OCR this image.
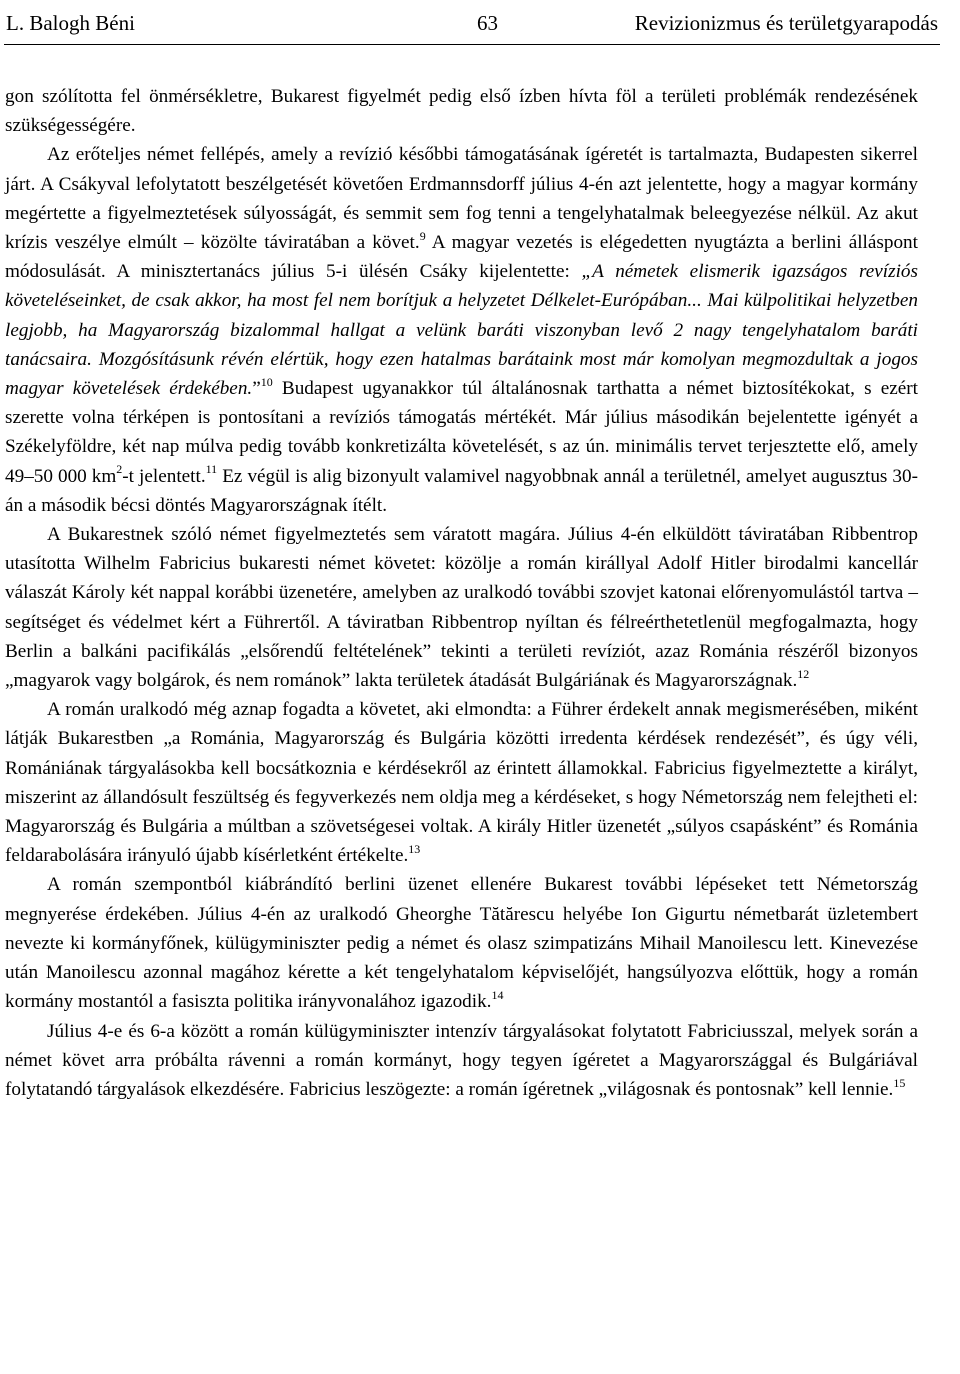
L. Balogh Béni	63	Revizionizmus és területgyarapodás

gon szólította fel önmérsékletre, Bukarest figyelmét pedig első ízben hívta föl a területi problémák rendezésének szükségességére.

Az erőteljes német fellépés, amely a revízió későbbi támogatásának ígéretét is tartalmazta, Budapesten sikerrel járt. A Csákyval lefolytatott beszélgetését követően Erdmannsdorff július 4-én azt jelentette, hogy a magyar kormány megértette a figyelmeztetések súlyosságát, és semmit sem fog tenni a tengelyhatalmak beleegyezése nélkül. Az akut krízis veszélye elmúlt – közölte táviratában a követ.$^9$ A magyar vezetés is elégedetten nyugtázta a berlini álláspont módosulását. A minisztertanács július 5-i ülésén Csáky kijelentette: „A németek elismerik igazságos revíziós követeléseinket, de csak akkor, ha most fel nem borítjuk a helyzetet Délkelet-Európában... Mai külpolitikai helyzetben legjobb, ha Magyarország bizalommal hallgat a velünk baráti viszonyban levő 2 nagy tengelyhatalom baráti tanácsaira. Mozgósításunk révén elértük, hogy ezen hatalmas barátaink most már komolyan megmozdultak a jogos magyar követelések érdekében.”$^{10}$ Budapest ugyanakkor túl általánosnak tarthatta a német biztosítékokat, s ezért szerette volna térképen is pontosítani a revíziós támogatás mértékét. Már július másodikán bejelentette igényét a Székelyföldre, két nap múlva pedig tovább konkretizálta követelését, s az ún. minimális tervet terjesztette elő, amely 49–50 000 $km^2-t$ jelentett.$^{11}$ Ez végül is alig bizonyult valamivel nagyobbnak annál a területnél, amelyet augusztus 30-án a második bécsi döntés Magyarországnak ítélt.

A Bukarestnek szóló német figyelmeztetés sem váratott magára. Július 4-én elküldött táviratában Ribbentrop utasította Wilhelm Fabricius bukaresti német követet: közölje a román királlyal Adolf Hitler birodalmi kancellár válaszát Károly két nappal korábbi üzenetére, amelyben az uralkodó további szovjet katonai előrenyomulástól tartva – segítséget és védelmet kért a Führertől. A táviratban Ribbentrop nyíltan és félreérthetetlenül megfogalmazta, hogy Berlin a balkáni pacifikálás „elsőrendű feltételének” tekinti a területi revíziót, azaz Románia részéről bizonyos „magyarok vagy bolgárok, és nem románok” lakta területek átadását Bulgáriának és Magyarországnak.$^{12}$

A román uralkodó még aznap fogadta a követet, aki elmondta: a Führer érdekelt annak megismerésében, miként látják Bukarestben „a Románia, Magyarország és Bulgária közötti irredenta kérdések rendezését”, és úgy véli, Romániának tárgyalásokba kell bocsátkoznia e kérdésekről az érintett államokkal. Fabricius figyelmeztette a királyt, miszerint az állandósult feszültség és fegyverkezés nem oldja meg a kérdéseket, s hogy Németország nem felejtheti el: Magyarország és Bulgária a múltban a szövetségesei voltak. A király Hitler üzenetét „súlyos csapásként” és Románia feldarabolására irányuló újabb kísérletként értékelte.$^{13}$

A román szempontból kiábrándító berlini üzenet ellenére Bukarest további lépéseket tett Németország megnyerése érdekében. Július 4-én az uralkodó Gheorghe Tătărescu helyébe Ion Gigurtu németbarát üzletembert nevezte ki kormányfőnek, külügyminiszter pedig a német és olasz szimpatizáns Mihail Manoilescu lett. Kinevezése után Manoilescu azonnal magához kérette a két tengelyhatalom képviselőjét, hangsúlyozva előttük, hogy a román kormány mostantól a fasiszta politika irányvonalához igazodik.$^{14}$

Július 4-e és 6-a között a román külügyminiszter intenzív tárgyalásokat folytatott Fabriciusszal, melyek során a német követ arra próbálta rávenni a román kormányt, hogy tegyen ígéretet a Magyarországgal és Bulgáriával folytatandó tárgyalások elkezdésére. Fabricius leszögezte: a román ígéretnek „világosnak és pontosnak” kell lennie.$^{15}$
